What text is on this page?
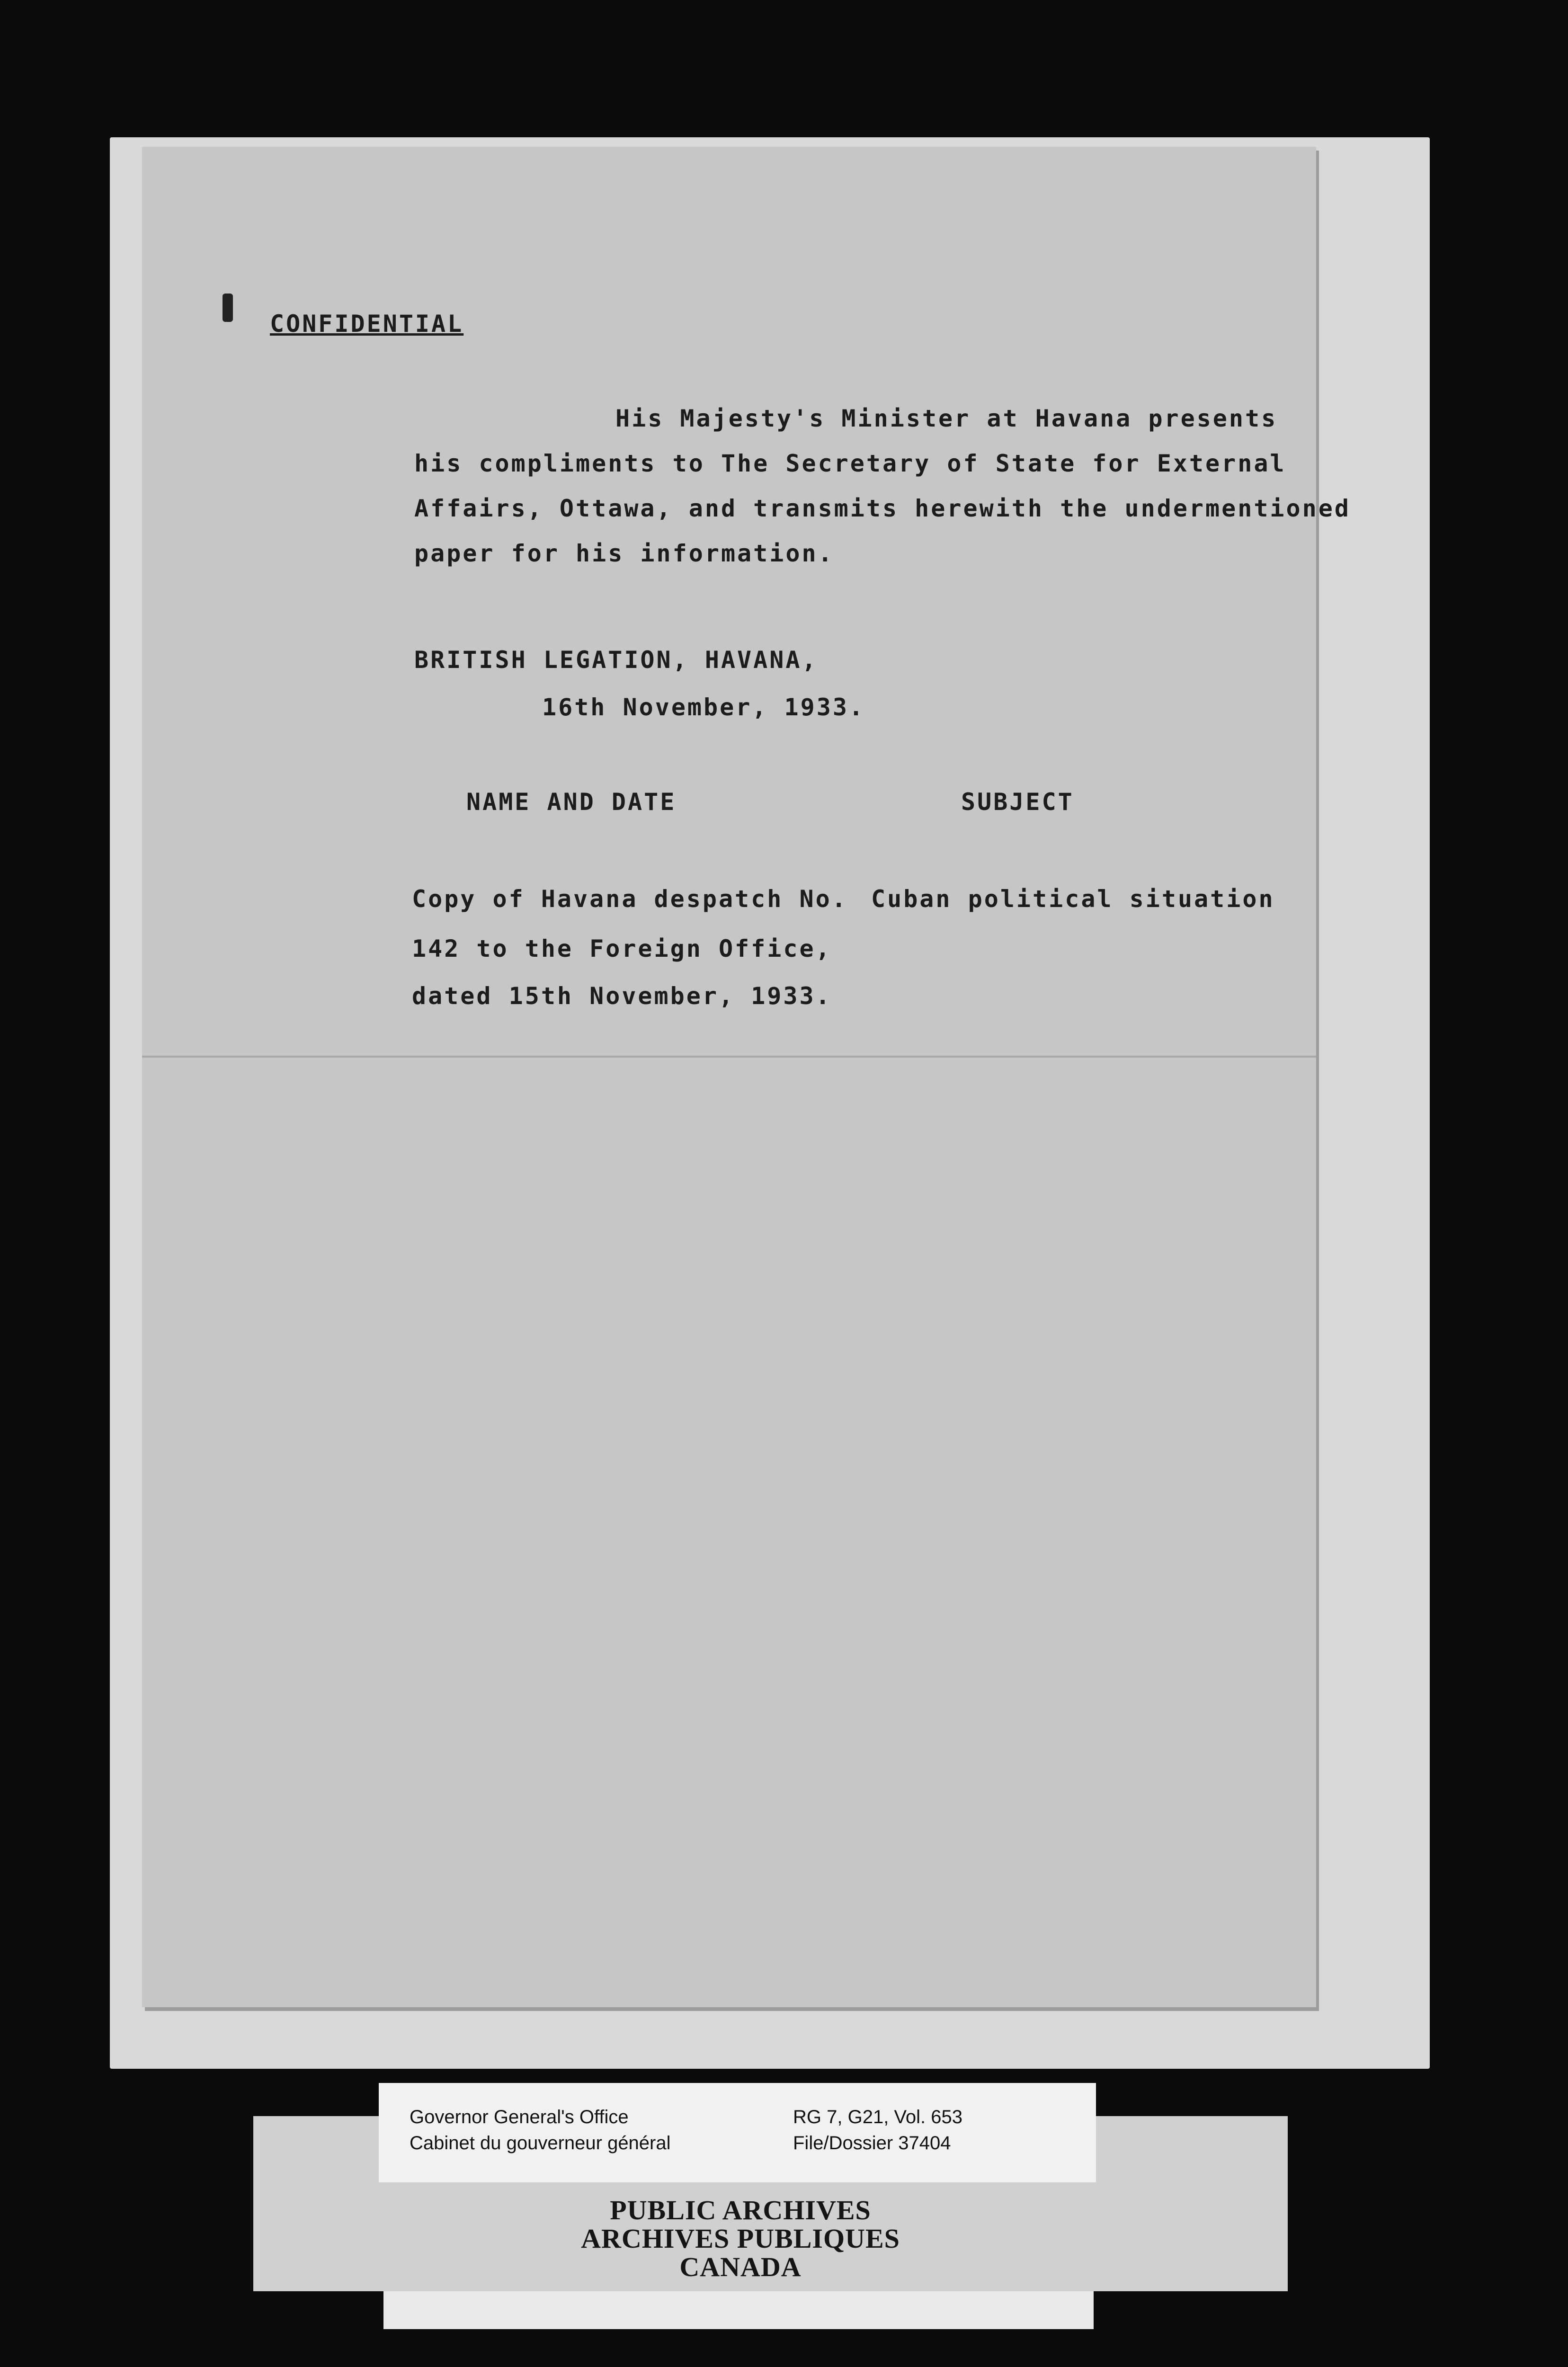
CONFIDENTIAL
His Majesty's Minister at Havana presents
his compliments to The Secretary of State for External
Affairs, Ottawa, and transmits herewith the undermentioned
paper for his information.
BRITISH LEGATION, HAVANA,
16th November, 1933.
NAME AND DATE	SUBJECT
Copy of Havana despatch No.
142 to the Foreign Office,
dated 15th November, 1933.
Cuban political situation
Governor General's Office
Cabinet du gouverneur général
RG 7, G21, Vol. 653
File/Dossier 37404
PUBLIC ARCHIVES
ARCHIVES PUBLIQUES
CANADA
